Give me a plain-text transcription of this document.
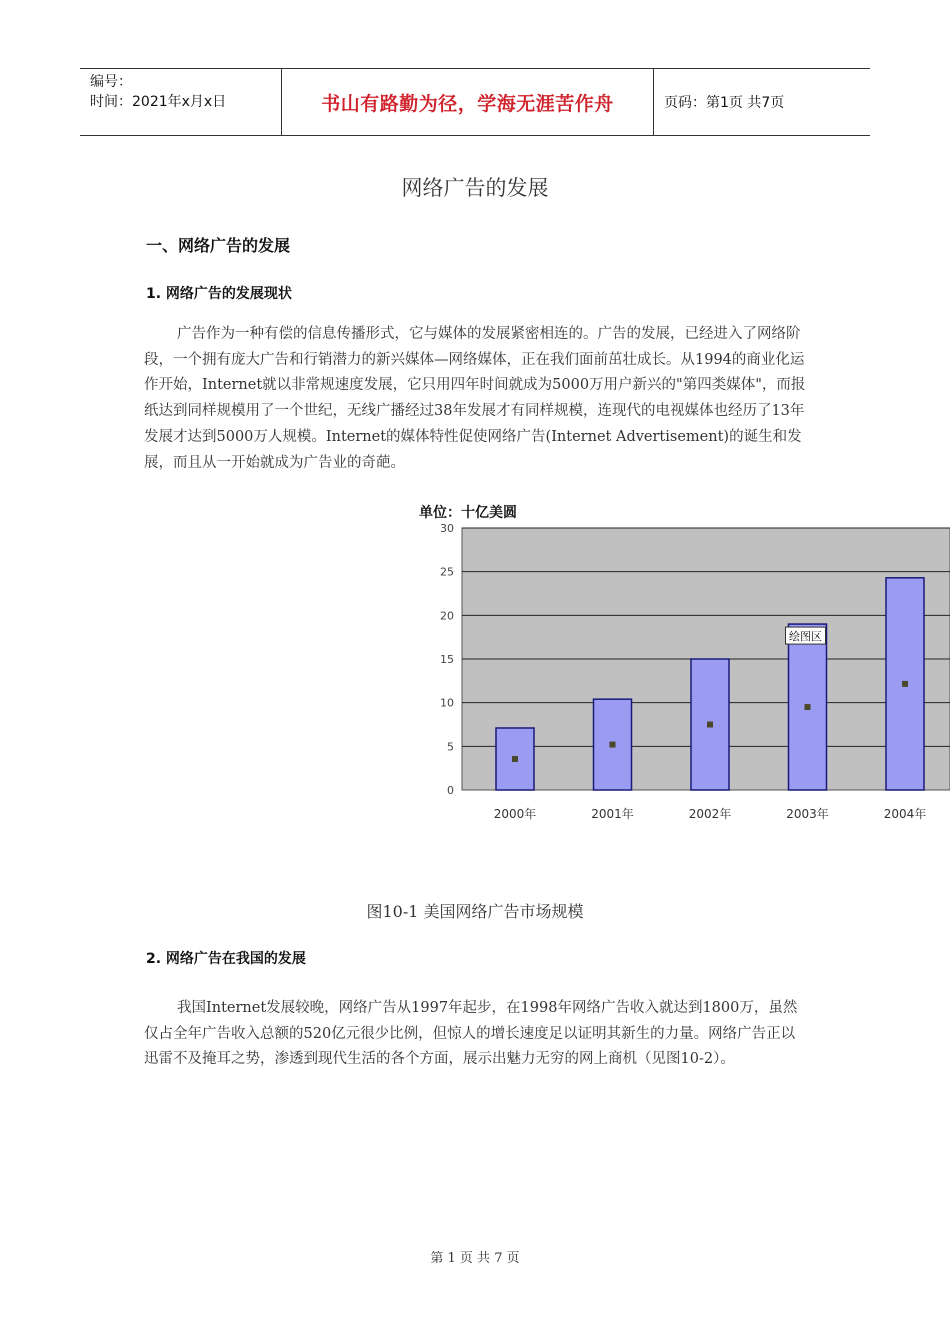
编号：
时间：2021年x月x日	书山有路勤为径，学海无涯苦作舟	页码：第1页 共7页
网络广告的发展
一、网络广告的发展
1. 网络广告的发展现状
广告作为一种有偿的信息传播形式，它与媒体的发展紧密相连的。广告的发展，已经进入了网络阶段，一个拥有庞大广告和行销潜力的新兴媒体—网络媒体，正在我们面前茁壮成长。从1994的商业化运作开始，Internet就以非常规速度发展，它只用四年时间就成为5000万用户新兴的"第四类媒体"，而报纸达到同样规模用了一个世纪，无线广播经过38年发展才有同样规模，连现代的电视媒体也经历了13年发展才达到5000万人规模。Internet的媒体特性促使网络广告(Internet Advertisement)的诞生和发展，而且从一开始就成为广告业的奇葩。
单位：十亿美圆
0
5
10
15
20
25
30
2000年	2001年	2002年	2003年	2004年
绘图区
图10-1 美国网络广告市场规模
2. 网络广告在我国的发展
我国Internet发展较晚，网络广告从1997年起步，在1998年网络广告收入就达到1800万，虽然仅占全年广告收入总额的520亿元很少比例，但惊人的增长速度足以证明其新生的力量。网络广告正以迅雷不及掩耳之势，渗透到现代生活的各个方面，展示出魅力无穷的网上商机（见图10-2）。
第 1 页 共 7 页
